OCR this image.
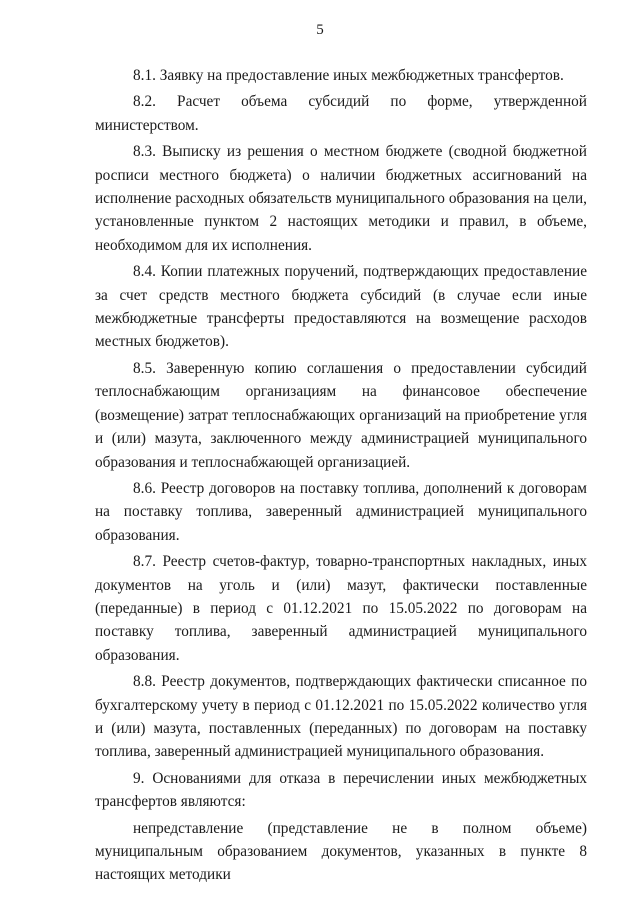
5

8.1. Заявку на предоставление иных межбюджетных трансфертов.

8.2. Расчет объема субсидий по форме, утвержденной министерством.

8.3. Выписку из решения о местном бюджете (сводной бюджетной росписи местного бюджета) о наличии бюджетных ассигнований на исполнение расходных обязательств муниципального образования на цели, установленные пунктом 2 настоящих методики и правил, в объеме, необходимом для их исполнения.

8.4. Копии платежных поручений, подтверждающих предоставление за счет средств местного бюджета субсидий (в случае если иные межбюджетные трансферты предоставляются на возмещение расходов местных бюджетов).

8.5. Заверенную копию соглашения о предоставлении субсидий теплоснабжающим организациям на финансовое обеспечение (возмещение) затрат теплоснабжающих организаций на приобретение угля и (или) мазута, заключенного между администрацией муниципального образования и теплоснабжающей организацией.

8.6. Реестр договоров на поставку топлива, дополнений к договорам на поставку топлива, заверенный администрацией муниципального образования.

8.7. Реестр счетов-фактур, товарно-транспортных накладных, иных документов на уголь и (или) мазут, фактически поставленные (переданные) в период с 01.12.2021 по 15.05.2022 по договорам на поставку топлива, заверенный администрацией муниципального образования.

8.8. Реестр документов, подтверждающих фактически списанное по бухгалтерскому учету в период с 01.12.2021 по 15.05.2022 количество угля и (или) мазута, поставленных (переданных) по договорам на поставку топлива, заверенный администрацией муниципального образования.

9. Основаниями для отказа в перечислении иных межбюджетных трансфертов являются:

непредставление (представление не в полном объеме) муниципальным образованием документов, указанных в пункте 8 настоящих методики
